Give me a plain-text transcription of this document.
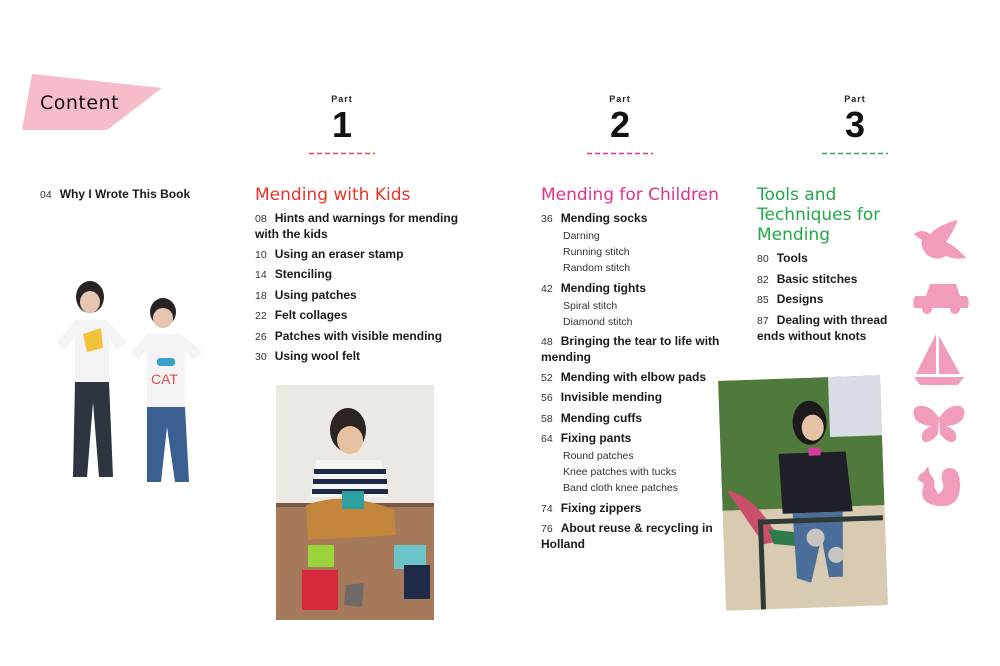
Content	Part
1
Part
2
Part
3
04 Why I Wrote This Book	Mending with Kids
08 Hints and warnings for mending with the kids
10 Using an eraser stamp
14 Stenciling
18 Using patches
22 Felt collages
26 Patches with visible mending
30 Using wool felt
Mending for Children
36 Mending socks
Darning
Running stitch
Random stitch
42 Mending tights
Spiral stitch
Diamond stitch
48 Bringing the tear to life with mending
52 Mending with elbow pads
56 Invisible mending
58 Mending cuffs
64 Fixing pants
Round patches
Knee patches with tucks
Band cloth knee patches
74 Fixing zippers
76 About reuse & recycling in Holland
Tools and Techniques for Mending
80 Tools
82 Basic stitches
85 Designs
87 Dealing with thread ends without knots
CAT
